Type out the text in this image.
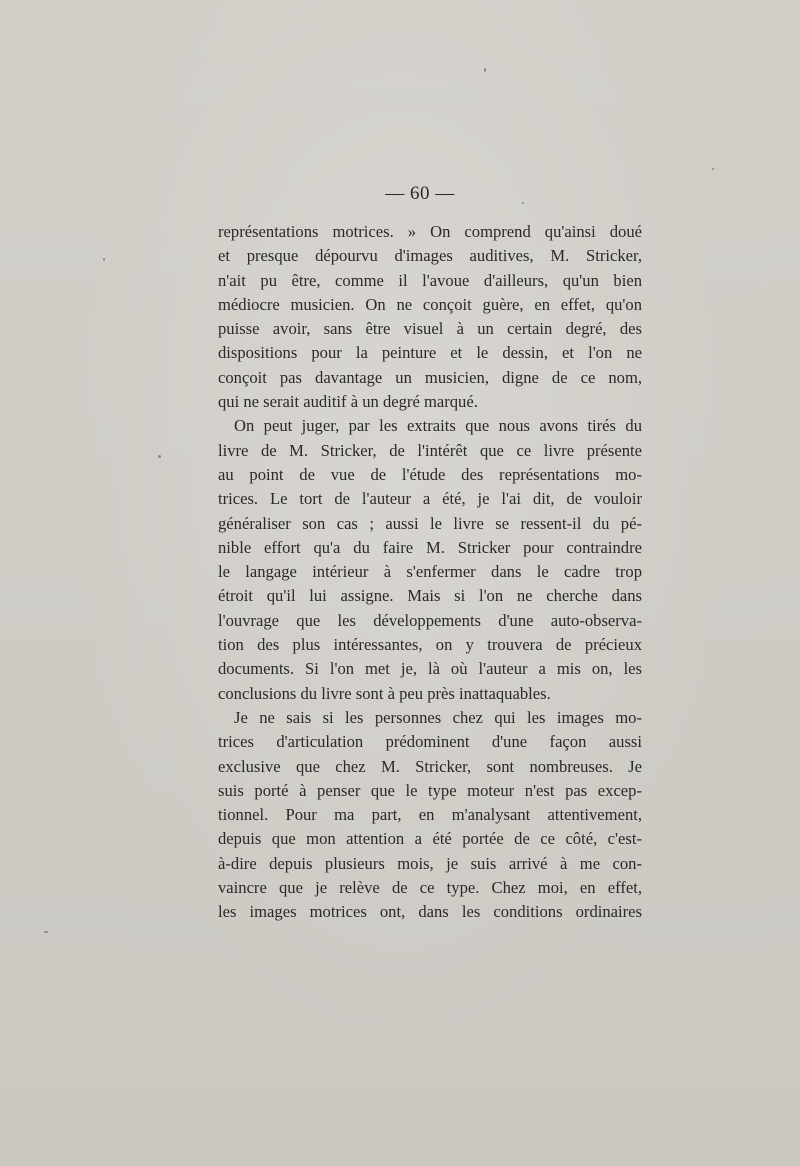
— 60 —
représentations motrices. » On comprend qu'ainsi doué
et presque dépourvu d'images auditives, M. Stricker,
n'ait pu être, comme il l'avoue d'ailleurs, qu'un bien
médiocre musicien. On ne conçoit guère, en effet, qu'on
puisse avoir, sans être visuel à un certain degré, des
dispositions pour la peinture et le dessin, et l'on ne
conçoit pas davantage un musicien, digne de ce nom,
qui ne serait auditif à un degré marqué.
On peut juger, par les extraits que nous avons tirés du
livre de M. Stricker, de l'intérêt que ce livre présente
au point de vue de l'étude des représentations mo-
trices. Le tort de l'auteur a été, je l'ai dit, de vouloir
généraliser son cas ; aussi le livre se ressent-il du pé-
nible effort qu'a du faire M. Stricker pour contraindre
le langage intérieur à s'enfermer dans le cadre trop
étroit qu'il lui assigne. Mais si l'on ne cherche dans
l'ouvrage que les développements d'une auto-observa-
tion des plus intéressantes, on y trouvera de précieux
documents. Si l'on met je, là où l'auteur a mis on, les
conclusions du livre sont à peu près inattaquables.
Je ne sais si les personnes chez qui les images mo-
trices d'articulation prédominent d'une façon aussi
exclusive que chez M. Stricker, sont nombreuses. Je
suis porté à penser que le type moteur n'est pas excep-
tionnel. Pour ma part, en m'analysant attentivement,
depuis que mon attention a été portée de ce côté, c'est-
à-dire depuis plusieurs mois, je suis arrivé à me con-
vaincre que je relève de ce type. Chez moi, en effet,
les images motrices ont, dans les conditions ordinaires
